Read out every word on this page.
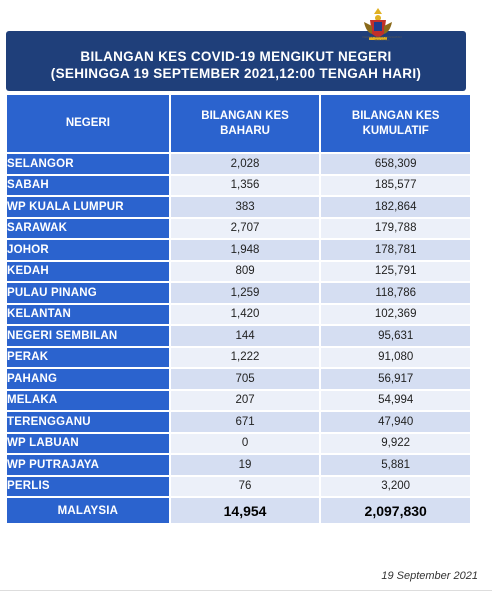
KEMENTERIAN KESIHATAN MALAYSIA
BILANGAN KES COVID-19 MENGIKUT NEGERI
(SEHINGGA 19 SEPTEMBER 2021,12:00 TENGAH HARI)
NEGERI	BILANGAN KES BAHARU	BILANGAN KES KUMULATIF

SELANGOR	2,028	658,309
SABAH	1,356	185,577
WP KUALA LUMPUR	383	182,864
SARAWAK	2,707	179,788
JOHOR	1,948	178,781
KEDAH	809	125,791
PULAU PINANG	1,259	118,786
KELANTAN	1,420	102,369
NEGERI SEMBILAN	144	95,631
PERAK	1,222	91,080
PAHANG	705	56,917
MELAKA	207	54,994
TERENGGANU	671	47,940
WP LABUAN	0	9,922
WP PUTRAJAYA	19	5,881
PERLIS	76	3,200
MALAYSIA	14,954	2,097,830
19 September 2021
